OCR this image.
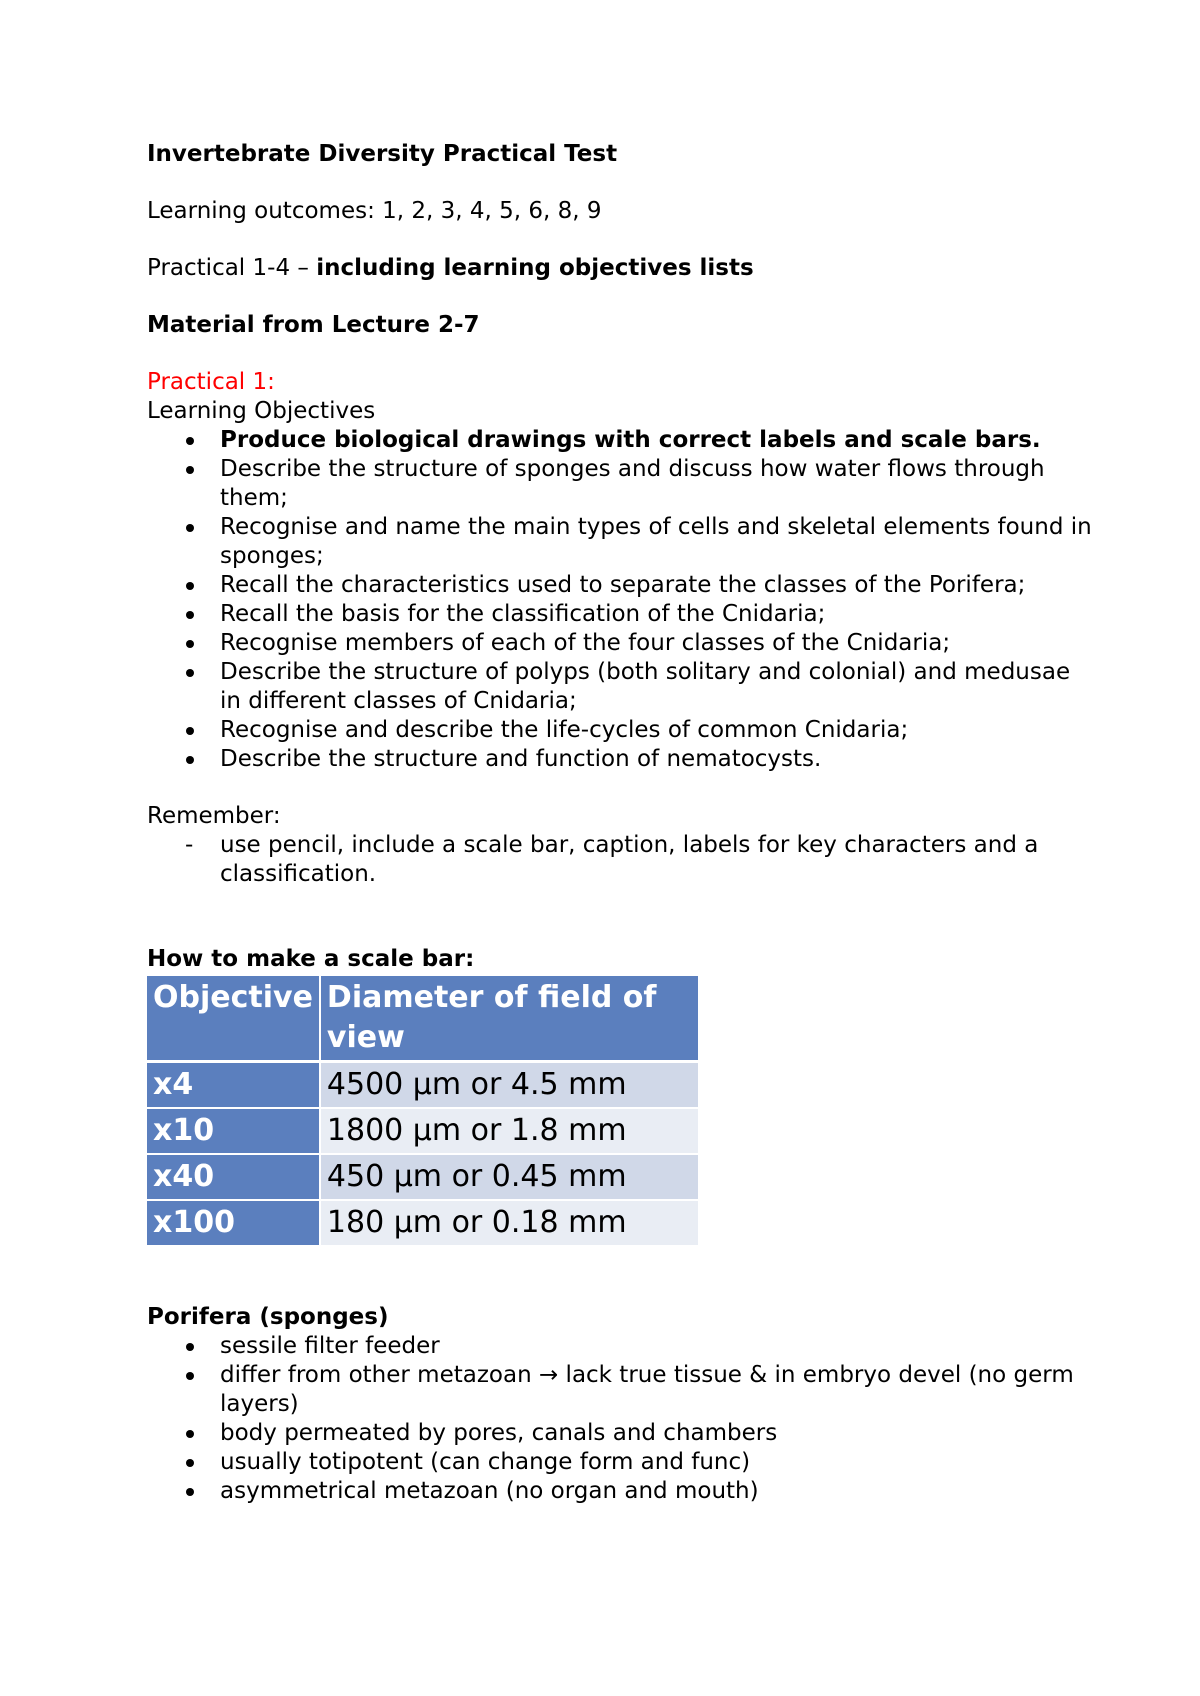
Invertebrate Diversity Practical Test

Learning outcomes: 1, 2, 3, 4, 5, 6, 8, 9

Practical 1-4 – including learning objectives lists

Material from Lecture 2-7

Practical 1:

Learning Objectives

Produce biological drawings with correct labels and scale bars.
Describe the structure of sponges and discuss how water flows through them;
Recognise and name the main types of cells and skeletal elements found in sponges;
Recall the characteristics used to separate the classes of the Porifera;
Recall the basis for the classification of the Cnidaria;
Recognise members of each of the four classes of the Cnidaria;
Describe the structure of polyps (both solitary and colonial) and medusae in different classes of Cnidaria;
Recognise and describe the life-cycles of common Cnidaria;
Describe the structure and function of nematocysts.

Remember:

use pencil, include a scale bar, caption, labels for key characters and a classification.

How to make a scale bar:

Objective	Diameter of field of view
x4	4500 µm or 4.5 mm
x10	1800 µm or 1.8 mm
x40	450 µm or 0.45 mm
x100	180 µm or 0.18 mm

Porifera (sponges)

sessile filter feeder
differ from other metazoan → lack true tissue & in embryo devel (no germ layers)
body permeated by pores, canals and chambers
usually totipotent (can change form and func)
asymmetrical metazoan (no organ and mouth)
